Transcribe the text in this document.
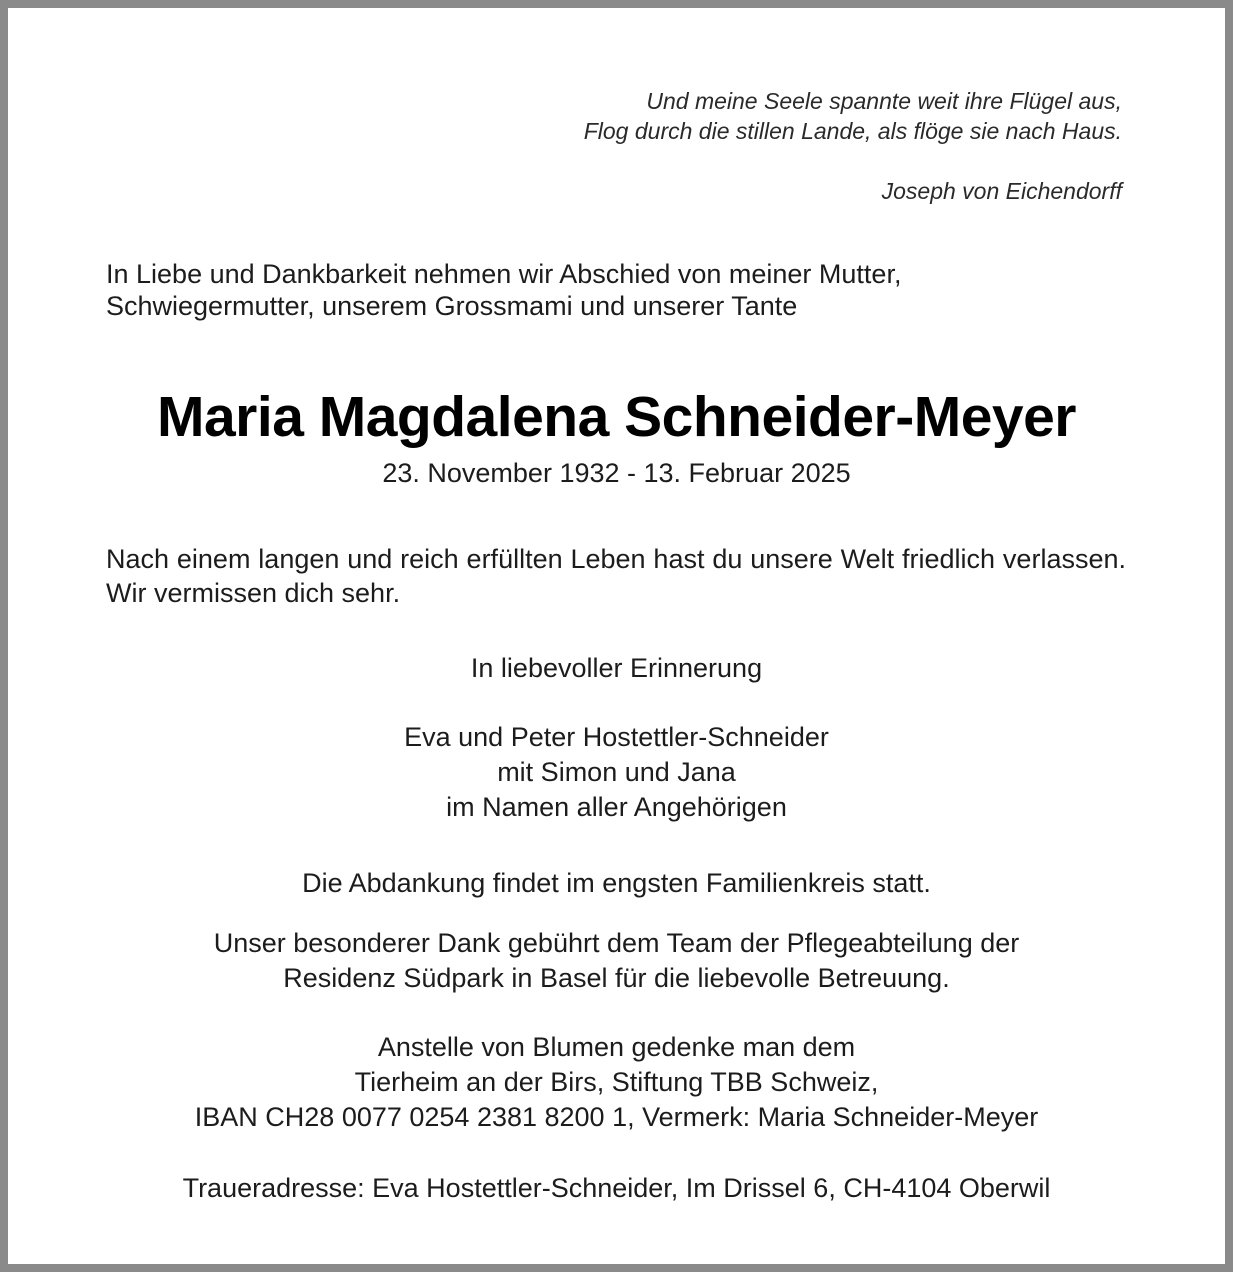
Und meine Seele spannte weit ihre Flügel aus,
Flog durch die stillen Lande, als flöge sie nach Haus.
Joseph von Eichendorff
In Liebe und Dankbarkeit nehmen wir Abschied von meiner Mutter,
Schwiegermutter, unserem Grossmami und unserer Tante
Maria Magdalena Schneider-Meyer
23. November 1932 - 13. Februar 2025
Nach einem langen und reich erfüllten Leben hast du unsere Welt friedlich verlassen. Wir vermissen dich sehr.
In liebevoller Erinnerung
Eva und Peter Hostettler-Schneider
mit Simon und Jana
im Namen aller Angehörigen
Die Abdankung findet im engsten Familienkreis statt.
Unser besonderer Dank gebührt dem Team der Pflegeabteilung der
Residenz Südpark in Basel für die liebevolle Betreuung.
Anstelle von Blumen gedenke man dem
Tierheim an der Birs, Stiftung TBB Schweiz,
IBAN CH28 0077 0254 2381 8200 1, Vermerk: Maria Schneider-Meyer
Traueradresse: Eva Hostettler-Schneider, Im Drissel 6, CH-4104 Oberwil
